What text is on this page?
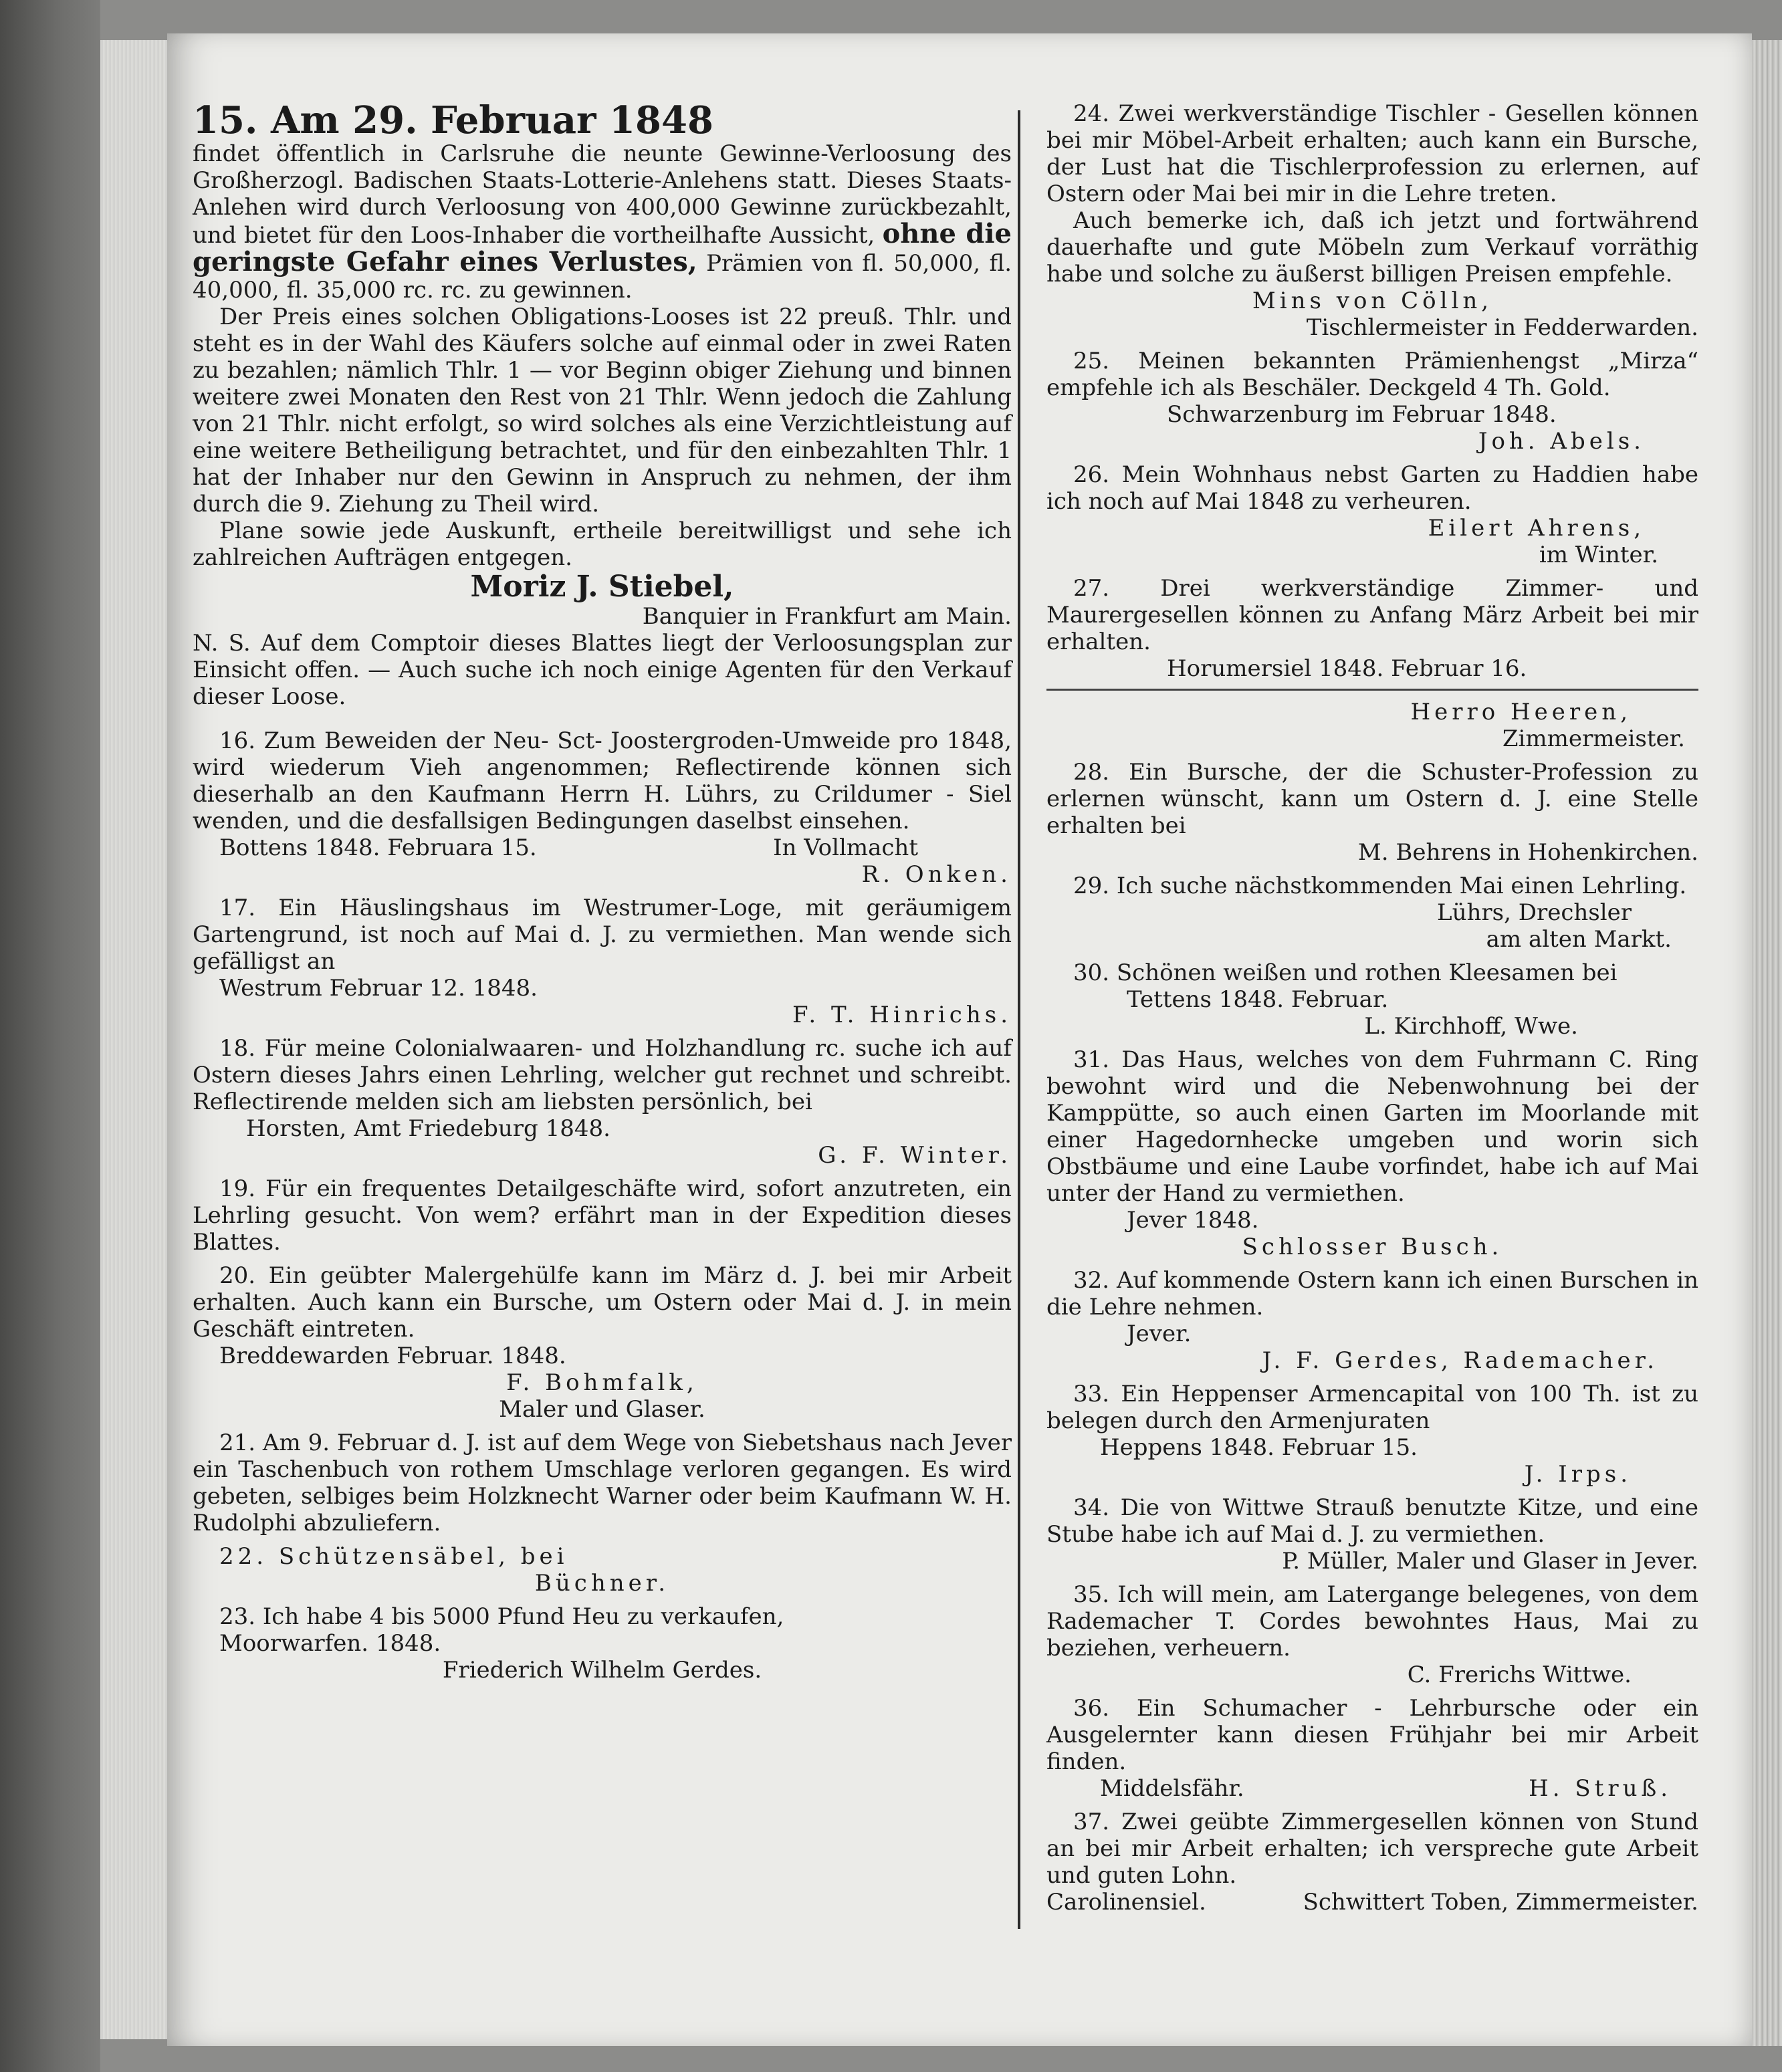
15. Am 29. Februar 1848

findet öffentlich in Carlsruhe die neunte Gewinne-Verloosung des Großherzogl. Badischen Staats-Lotterie-Anlehens statt. Dieses Staats-Anlehen wird durch Verloosung von 400,000 Gewinne zurückbezahlt, und bietet für den Loos-Inhaber die vortheilhafte Aussicht, ohne die geringste Gefahr eines Verlustes, Prämien von fl. 50,000, fl. 40,000, fl. 35,000 rc. rc. zu gewinnen.

Der Preis eines solchen Obligations-Looses ist 22 preuß. Thlr. und steht es in der Wahl des Käufers solche auf einmal oder in zwei Raten zu bezahlen; nämlich Thlr. 1 — vor Beginn obiger Ziehung und binnen weitere zwei Monaten den Rest von 21 Thlr. Wenn jedoch die Zahlung von 21 Thlr. nicht erfolgt, so wird solches als eine Verzichtleistung auf eine weitere Betheiligung betrachtet, und für den einbezahlten Thlr. 1 hat der Inhaber nur den Gewinn in Anspruch zu nehmen, der ihm durch die 9. Ziehung zu Theil wird.

Plane sowie jede Auskunft, ertheile bereitwilligst und sehe ich zahlreichen Aufträgen entgegen.

Moriz J. Stiebel,
Banquier in Frankfurt am Main.

N. S. Auf dem Comptoir dieses Blattes liegt der Verloosungsplan zur Einsicht offen. — Auch suche ich noch einige Agenten für den Verkauf dieser Loose.

16. Zum Beweiden der Neu- Sct- Joostergroden-Umweide pro 1848, wird wiederum Vieh angenommen; Reflectirende können sich dieserhalb an den Kaufmann Herrn H. Lührs, zu Crildumer - Siel wenden, und die desfallsigen Bedingungen daselbst einsehen.

Bottens 1848. Februara 15.	In Vollmacht
R. Onken.

17. Ein Häuslingshaus im Westrumer-Loge, mit geräumigem Gartengrund, ist noch auf Mai d. J. zu vermiethen. Man wende sich gefälligst an

Westrum Februar 12. 1848.
F. T. Hinrichs.

18. Für meine Colonialwaaren- und Holzhandlung rc. suche ich auf Ostern dieses Jahrs einen Lehrling, welcher gut rechnet und schreibt. Reflectirende melden sich am liebsten persönlich, bei

Horsten, Amt Friedeburg 1848.
G. F. Winter.

19. Für ein frequentes Detailgeschäfte wird, sofort anzutreten, ein Lehrling gesucht. Von wem? erfährt man in der Expedition dieses Blattes.

20. Ein geübter Malergehülfe kann im März d. J. bei mir Arbeit erhalten. Auch kann ein Bursche, um Ostern oder Mai d. J. in mein Geschäft eintreten.

Breddewarden Februar. 1848.
F. Bohmfalk,
Maler und Glaser.

21. Am 9. Februar d. J. ist auf dem Wege von Siebetshaus nach Jever ein Taschenbuch von rothem Umschlage verloren gegangen. Es wird gebeten, selbiges beim Holzknecht Warner oder beim Kaufmann W. H. Rudolphi abzuliefern.

22. Schützensäbel, bei

Büchner.

23. Ich habe 4 bis 5000 Pfund Heu zu verkaufen,

Moorwarfen. 1848.
Friederich Wilhelm Gerdes.

24. Zwei werkverständige Tischler - Gesellen können bei mir Möbel-Arbeit erhalten; auch kann ein Bursche, der Lust hat die Tischlerprofession zu erlernen, auf Ostern oder Mai bei mir in die Lehre treten.

Auch bemerke ich, daß ich jetzt und fortwährend dauerhafte und gute Möbeln zum Verkauf vorräthig habe und solche zu äußerst billigen Preisen empfehle.

Mins von Cölln,
Tischlermeister in Fedderwarden.

25. Meinen bekannten Prämienhengst „Mirza“ empfehle ich als Beschäler. Deckgeld 4 Th. Gold.

Schwarzenburg im Februar 1848.
Joh. Abels.

26. Mein Wohnhaus nebst Garten zu Haddien habe ich noch auf Mai 1848 zu verheuren.

Eilert Ahrens,
im Winter.

27. Drei werkverständige Zimmer- und Maurergesellen können zu Anfang März Arbeit bei mir erhalten.

Horumersiel 1848. Februar 16.
Herro Heeren,
Zimmermeister.

28. Ein Bursche, der die Schuster-Profession zu erlernen wünscht, kann um Ostern d. J. eine Stelle erhalten bei

M. Behrens in Hohenkirchen.

29. Ich suche nächstkommenden Mai einen Lehrling.

Lührs, Drechsler
am alten Markt.

30. Schönen weißen und rothen Kleesamen bei

Tettens 1848. Februar.
L. Kirchhoff, Wwe.

31. Das Haus, welches von dem Fuhrmann C. Ring bewohnt wird und die Nebenwohnung bei der Kamppütte, so auch einen Garten im Moorlande mit einer Hagedornhecke umgeben und worin sich Obstbäume und eine Laube vorfindet, habe ich auf Mai unter der Hand zu vermiethen.

Jever 1848.
Schlosser Busch.

32. Auf kommende Ostern kann ich einen Burschen in die Lehre nehmen.

Jever.
J. F. Gerdes, Rademacher.

33. Ein Heppenser Armencapital von 100 Th. ist zu belegen durch den Armenjuraten

Heppens 1848. Februar 15.
J. Irps.

34. Die von Wittwe Strauß benutzte Kitze, und eine Stube habe ich auf Mai d. J. zu vermiethen.

P. Müller, Maler und Glaser in Jever.

35. Ich will mein, am Latergange belegenes, von dem Rademacher T. Cordes bewohntes Haus, Mai zu beziehen, verheuern.

C. Frerichs Wittwe.

36. Ein Schumacher - Lehrbursche oder ein Ausgelernter kann diesen Frühjahr bei mir Arbeit finden.

Middelsfähr.	H. Struß.

37. Zwei geübte Zimmergesellen können von Stund an bei mir Arbeit erhalten; ich verspreche gute Arbeit und guten Lohn.

Carolinensiel.	Schwittert Toben, Zimmermeister.
